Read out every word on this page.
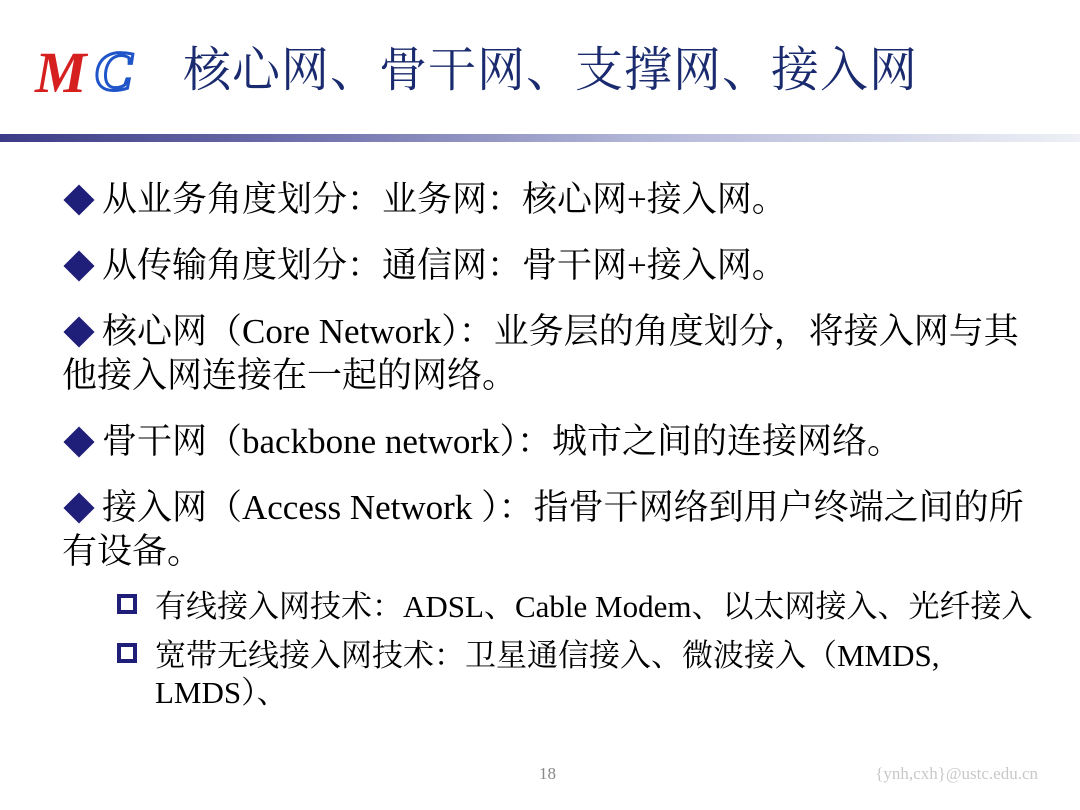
M C 核心网、骨干网、支撑网、接入网
从业务角度划分：业务网：核心网+接入网。
从传输角度划分：通信网：骨干网+接入网。
核心网（Core Network）：业务层的角度划分，将接入网与其他接入网连接在一起的网络。
骨干网（backbone network）：城市之间的连接网络。
接入网（Access Network ）：指骨干网络到用户终端之间的所有设备。
有线接入网技术：ADSL、Cable Modem、以太网接入、光纤接入
宽带无线接入网技术：卫星通信接入、微波接入（MMDS, LMDS）、
18	{ynh,cxh}@ustc.edu.cn
